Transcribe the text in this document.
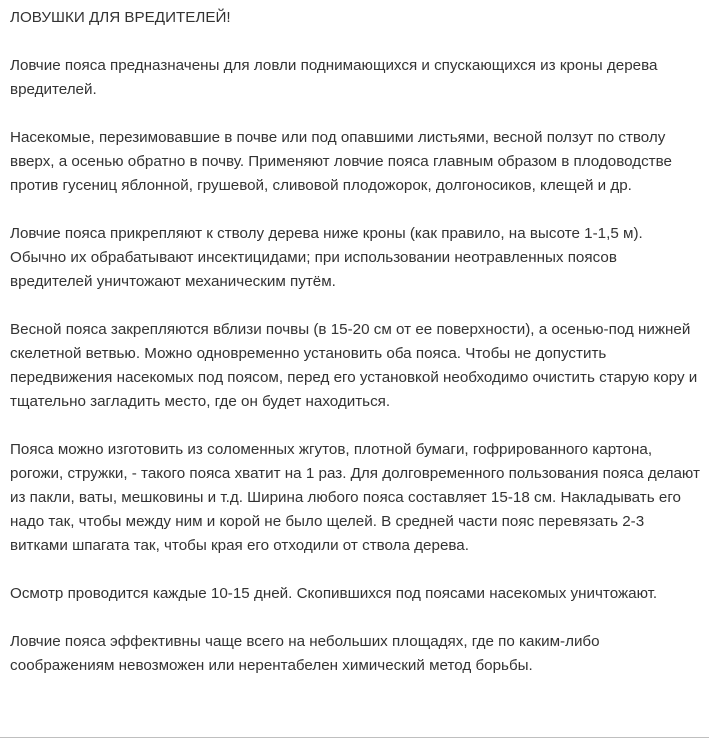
ЛОВУШКИ ДЛЯ ВРЕДИТЕЛЕЙ!

Ловчие пояса предназначены для ловли поднимающихся и спускающихся из кроны дерева вредителей.

Насекомые, перезимовавшие в почве или под опавшими листьями, весной ползут по стволу вверх, а осенью обратно в почву. Применяют ловчие пояса главным образом в плодоводстве против гусениц яблонной, грушевой, сливовой плодожорок, долгоносиков, клещей и др.

Ловчие пояса прикрепляют к стволу дерева ниже кроны (как правило, на высоте 1-1,5 м). Обычно их обрабатывают инсектицидами; при использовании неотравленных поясов вредителей уничтожают механическим путём.

Весной пояса закрепляются вблизи почвы (в 15-20 см от ее поверхности), а осенью-под нижней скелетной ветвью. Можно одновременно установить оба пояса. Чтобы не допустить передвижения насекомых под поясом, перед его установкой необходимо очистить старую кору и тщательно загладить место, где он будет находиться.

Пояса можно изготовить из соломенных жгутов, плотной бумаги, гофрированного картона, рогожи, стружки, - такого пояса хватит на 1 раз. Для долговременного пользования пояса делают из пакли, ваты, мешковины и т.д. Ширина любого пояса составляет 15-18 см. Накладывать его надо так, чтобы между ним и корой не было щелей. В средней части пояс перевязать 2-3 витками шпагата так, чтобы края его отходили от ствола дерева.

Осмотр проводится каждые 10-15 дней. Скопившихся под поясами насекомых уничтожают.

Ловчие пояса эффективны чаще всего на небольших площадях, где по каким-либо соображениям невозможен или нерентабелен химический метод борьбы.
